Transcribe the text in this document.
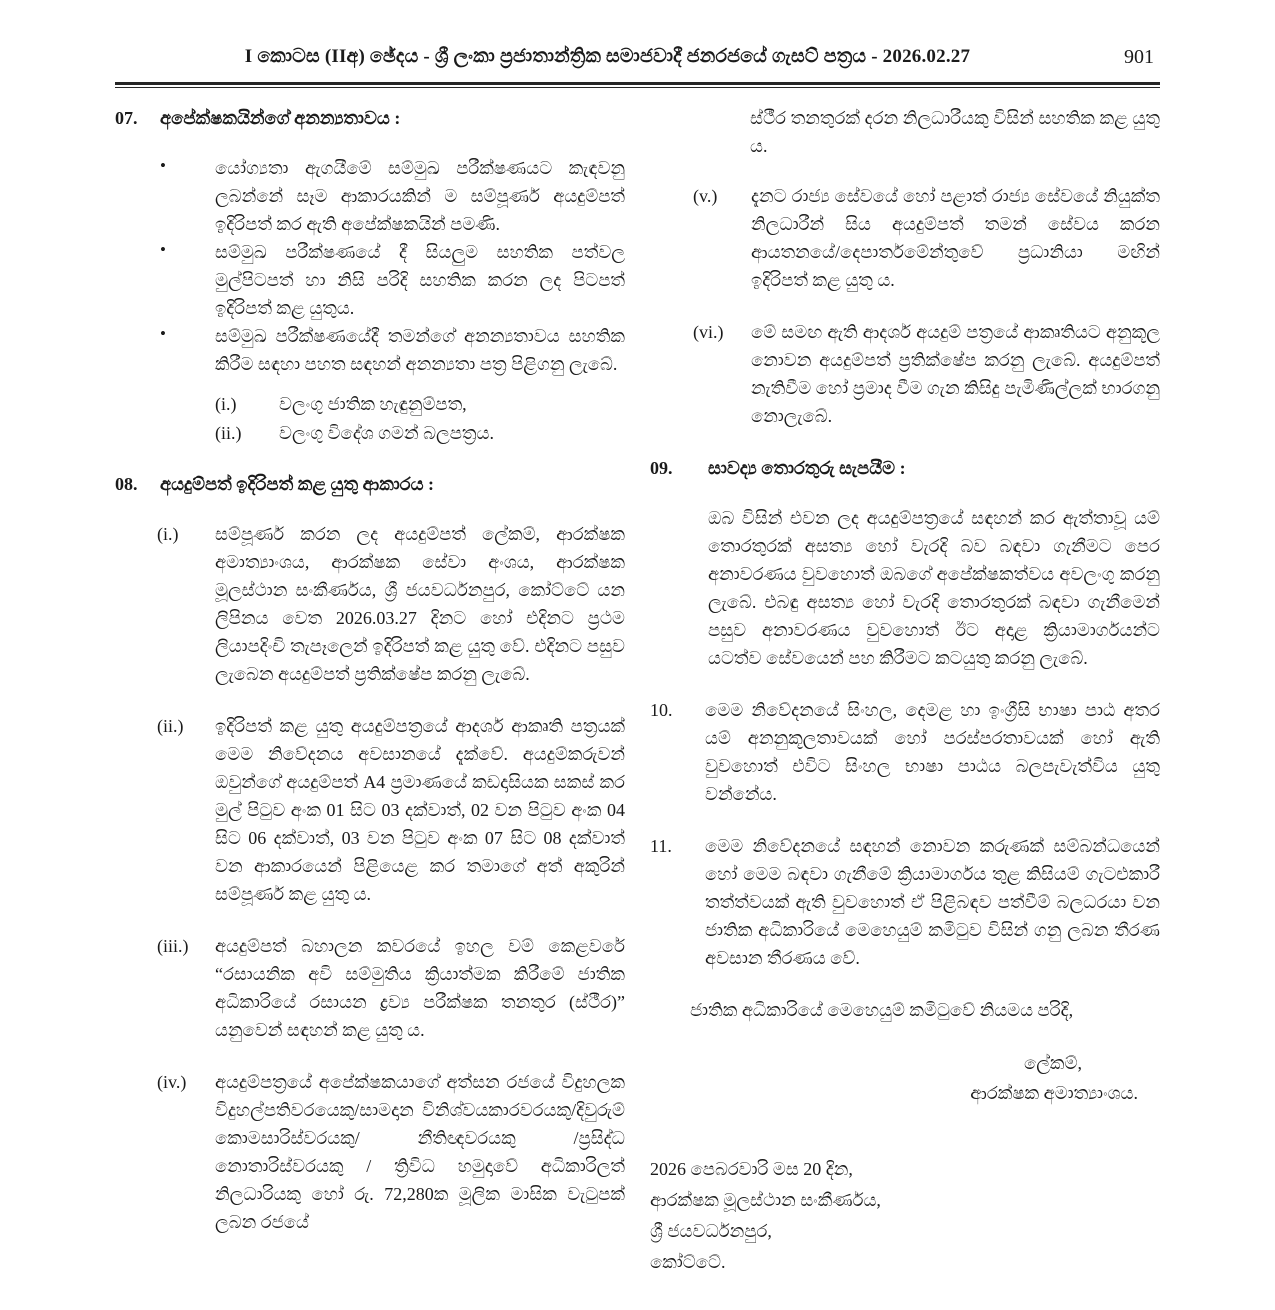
I කොටස (IIඅ) ඡේදය - ශ්‍රී ලංකා ප්‍රජාතාන්ත්‍රික සමාජවාදී ජනරජයේ ගැසට් පත්‍රය - 2026.02.27	901
07.	අපේක්ෂකයින්ගේ අනන්‍යතාවය :
•	යෝග්‍යතා ඇගයීමේ සම්මුඛ පරීක්ෂණයට කැඳවනු ලබන්නේ සෑම ආකාරයකින් ම සම්පූර්ණ අයදුම්පත් ඉදිරිපත් කර ඇති අපේක්ෂකයින් පමණි.
•	සම්මුඛ පරීක්ෂණයේ දී සියලුම සහතික පත්වල මුල්පිටපත් හා නිසි පරිදි සහතික කරන ලද පිටපත් ඉදිරිපත් කළ යුතුය.
•	සම්මුඛ පරීක්ෂණයේදී තමන්ගේ අනන්‍යතාවය සහතික කිරීම සඳහා පහත සඳහන් අනන්‍යතා පත්‍ර පිළිගනු ලැබේ.
(i.)	වලංගු ජාතික හැඳුනුම්පත,
(ii.)	වලංගු විදේශ ගමන් බලපත්‍රය.
08.	අයදුම්පත් ඉදිරිපත් කළ යුතු ආකාරය :
(i.)	සම්පූර්ණ කරන ලද අයදුම්පත් ලේකම්, ආරක්ෂක අමාත්‍යාංශය, ආරක්ෂක සේවා අංශය, ආරක්ෂක මූලස්ථාන සංකීර්ණය, ශ්‍රී ජයවර්ධනපුර, කෝට්ටේ යන ලිපිනය වෙත 2026.03.27 දිනට හෝ එදිනට ප්‍රථම ලියාපදිංචි තැපෑලෙන් ඉදිරිපත් කළ යුතු වේ. එදිනට පසුව ලැබෙන අයදුම්පත් ප්‍රතික්ෂේප කරනු ලැබේ.
(ii.)	ඉදිරිපත් කළ යුතු අයදුම්පත්‍රයේ ආදර්ශ ආකෘති පත්‍රයක් මෙම නිවේදනය අවසානයේ දැක්වේ. අයදුම්කරුවන් ඔවුන්ගේ අයදුම්පත් A4 ප්‍රමාණයේ කඩදාසියක සකස් කර මුල් පිටුව අංක 01 සිට 03 දක්වාත්, 02 වන පිටුව අංක 04 සිට 06 දක්වාත්, 03 වන පිටුව අංක 07 සිට 08 දක්වාත් වන ආකාරයෙන් පිළියෙළ කර තමාගේ අත් අකුරින් සම්පූර්ණ කළ යුතු ය.
(iii.)	අයදුම්පත් බහාලන කවරයේ ඉහල වම් කෙළවරේ “රසායනික අවි සම්මුතිය ක්‍රියාත්මක කිරීමේ ජාතික අධිකාරියේ රසායන ද්‍රව්‍ය පරීක්ෂක තනතුර (ස්ථීර)” යනුවෙන් සඳහන් කළ යුතු ය.
(iv.)	අයදුම්පත්‍රයේ අපේක්ෂකයාගේ අත්සන රජයේ විදුහලක විදුහල්පතිවරයෙකු/සාමදාන විනිශ්වයකාරවරයකු/දිවුරුම් කොමසාරිස්වරයකු/ නීතිඥවරයකු /ප්‍රසිද්ධ නොතාරිස්වරයකු / ත්‍රිවිධ හමුදාවේ අධිකාරිලත් නිලධාරියකු හෝ රු. 72,280ක මූලික මාසික වැටුපක් ලබන රජයේ
ස්ථීර තනතුරක් දරන නිලධාරීයකු විසින් සහතික කළ යුතු ය.
(v.)	දැනට රාජ්‍ය සේවයේ හෝ පළාත් රාජ්‍ය සේවයේ නියුක්ත නිලධාරීන් සිය අයදුම්පත් තමන් සේවය කරන ආයතනයේ/දෙපාර්තමේන්තුවේ ප්‍රධානියා මඟින් ඉදිරිපත් කළ යුතු ය.
(vi.)	මේ සමඟ ඇති ආදර්ශ අයදුම් පත්‍රයේ ආකෘතියට අනුකූල නොවන අයදුම්පත් ප්‍රතික්ෂේප කරනු ලැබේ. අයදුම්පත් නැතිවීම හෝ ප්‍රමාද වීම ගැන කිසිදු පැමිණිල්ලක් භාරගනු නොලැබේ.
09.	සාවද්‍ය තොරතුරු සැපයීම :
ඔබ විසින් එවන ලද අයදුම්පත්‍රයේ සඳහන් කර ඇත්තාවූ යම් තොරතුරක් අසත්‍ය හෝ වැරදි බව බඳවා ගැනීමට පෙර අනාවරණය වුවහොත් ඔබගේ අපේක්ෂකත්වය අවලංගු කරනු ලැබේ. එබඳු අසත්‍ය හෝ වැරදි තොරතුරක් බඳවා ගැනීමෙන් පසුව අනාවරණය වුවහොත් ඊට අදාළ ක්‍රියාමාර්ගයන්ට යටත්ව සේවයෙන් පහ කිරීමට කටයුතු කරනු ලැබේ.
10.	මෙම නිවේදනයේ සිංහල, දෙමළ හා ඉංග්‍රීසි භාෂා පාඨ අතර යම් අනනුකූලතාවයක් හෝ පරස්පරතාවයක් හෝ ඇති වුවහොත් එවිට සිංහල භාෂා පාඨය බලපැවැත්විය යුතු වන්නේය.
11.	මෙම නිවේදනයේ සඳහන් නොවන කරුණක් සම්බන්ධයෙන් හෝ මෙම බඳවා ගැනීමේ ක්‍රියාමාර්ගය තුළ කිසියම් ගැටළුකාරී තත්ත්වයක් ඇති වුවහොත් ඒ පිළිබඳව පත්වීම් බලධරයා වන ජාතික අධිකාරියේ මෙහෙයුම් කමිටුව විසින් ගනු ලබන තීරණ අවසාන තීරණය වේ.
ජාතික අධිකාරියේ මෙහෙයුම් කමිටුවේ නියමය පරිදි,
ලේකම්,
ආරක්ෂක අමාත්‍යාංශය.
2026 පෙබරවාරි මස 20 දින,
ආරක්ෂක මූලස්ථාන සංකීර්ණය,
ශ්‍රී ජයවර්ධනපුර,
කෝට්ටේ.
